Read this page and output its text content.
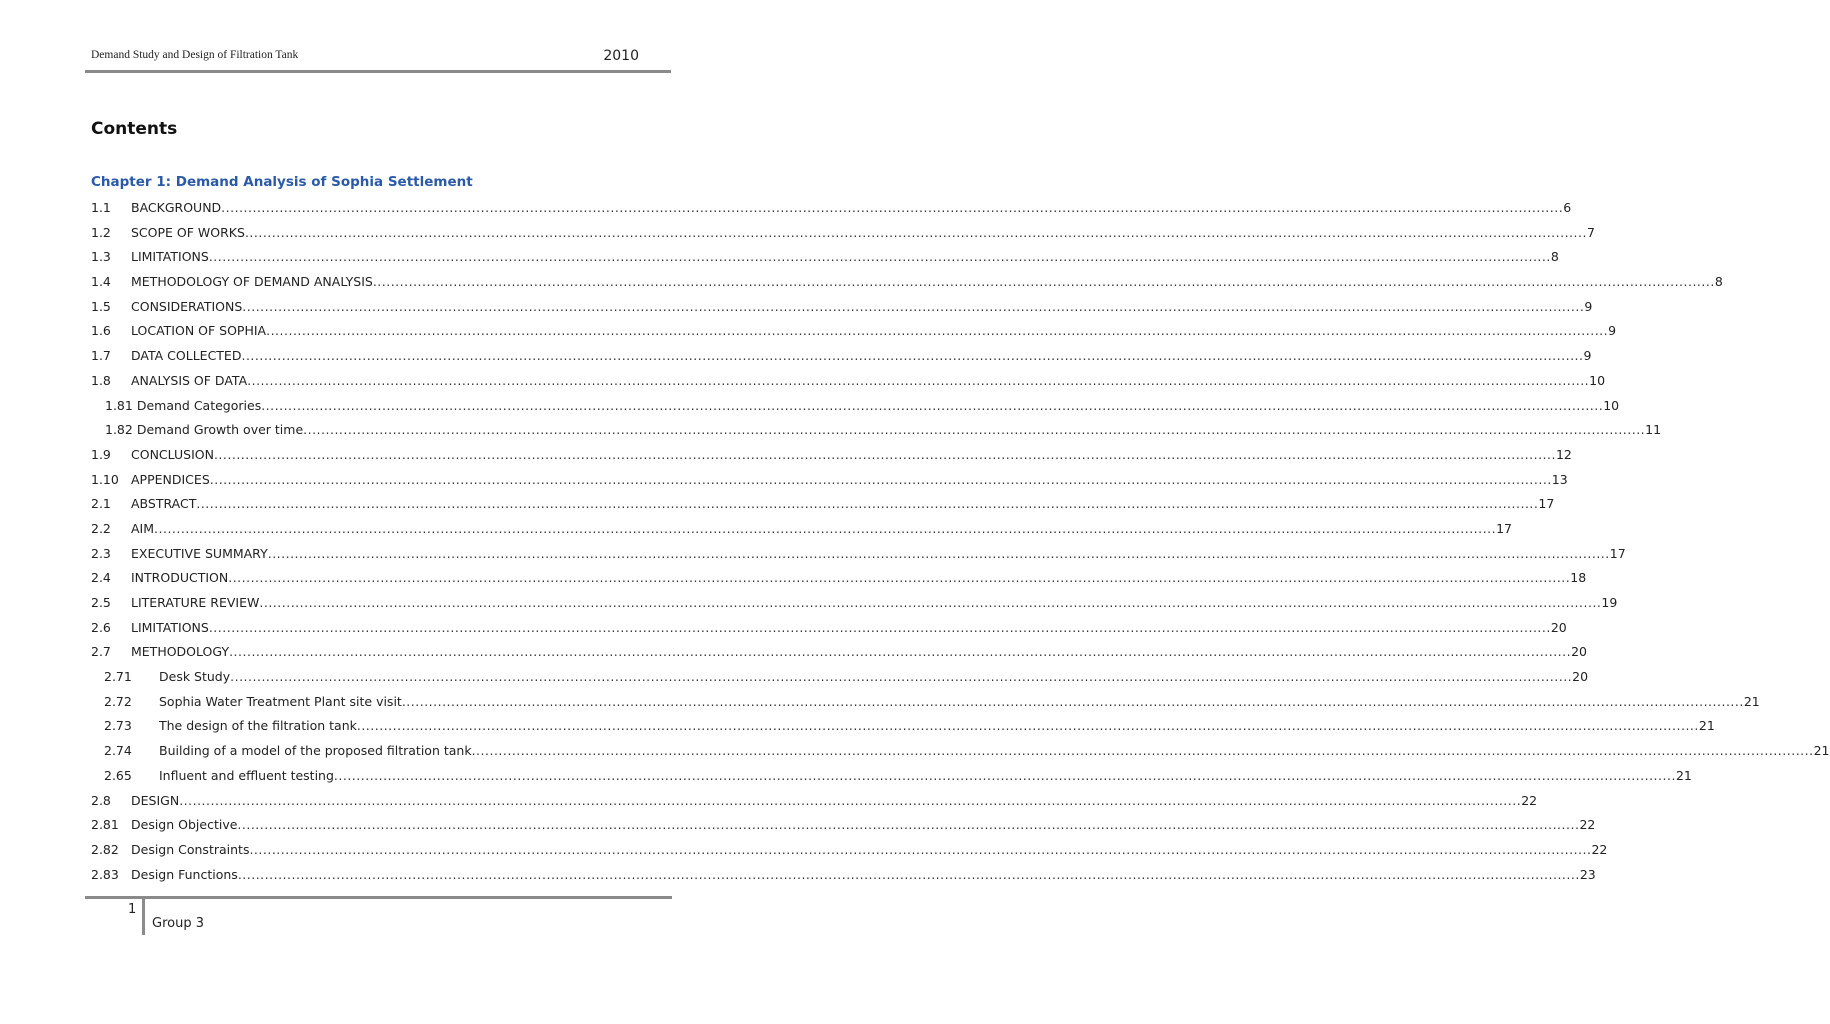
Demand Study and Design of Filtration Tank	2010
Contents
Chapter 1: Demand Analysis of Sophia Settlement
1.1	BACKGROUND ............................................................................................................................................................................................................................................................................................................ 6
1.2	SCOPE OF WORKS ............................................................................................................................................................................................................................................................................................................ 7
1.3	LIMITATIONS ............................................................................................................................................................................................................................................................................................................ 8
1.4	METHODOLOGY OF DEMAND ANALYSIS ............................................................................................................................................................................................................................................................................................................ 8
1.5	CONSIDERATIONS ............................................................................................................................................................................................................................................................................................................ 9
1.6	LOCATION OF SOPHIA ............................................................................................................................................................................................................................................................................................................ 9
1.7	DATA COLLECTED ............................................................................................................................................................................................................................................................................................................ 9
1.8	ANALYSIS OF DATA ............................................................................................................................................................................................................................................................................................................ 10
1.81 Demand Categories ............................................................................................................................................................................................................................................................................................................ 10
1.82 Demand Growth over time ............................................................................................................................................................................................................................................................................................................ 11
1.9	CONCLUSION ............................................................................................................................................................................................................................................................................................................ 12
1.10 APPENDICES ............................................................................................................................................................................................................................................................................................................ 13
2.1	ABSTRACT ............................................................................................................................................................................................................................................................................................................ 17
2.2	AIM ............................................................................................................................................................................................................................................................................................................ 17
2.3	EXECUTIVE SUMMARY ............................................................................................................................................................................................................................................................................................................ 17
2.4	INTRODUCTION ............................................................................................................................................................................................................................................................................................................ 18
2.5	LITERATURE REVIEW ............................................................................................................................................................................................................................................................................................................ 19
2.6	LIMITATIONS ............................................................................................................................................................................................................................................................................................................ 20
2.7	METHODOLOGY ............................................................................................................................................................................................................................................................................................................ 20
2.71	Desk Study ............................................................................................................................................................................................................................................................................................................ 20
2.72	Sophia Water Treatment Plant site visit ............................................................................................................................................................................................................................................................................................................ 21
2.73	The design of the filtration tank ............................................................................................................................................................................................................................................................................................................ 21
2.74	Building of a model of the proposed filtration tank ............................................................................................................................................................................................................................................................................................................ 21
2.65	Influent and effluent testing ............................................................................................................................................................................................................................................................................................................ 21
2.8	DESIGN ............................................................................................................................................................................................................................................................................................................ 22
2.81 Design Objective ............................................................................................................................................................................................................................................................................................................ 22
2.82 Design Constraints ............................................................................................................................................................................................................................................................................................................ 22
2.83 Design Functions ............................................................................................................................................................................................................................................................................................................ 23
1
Group 3
